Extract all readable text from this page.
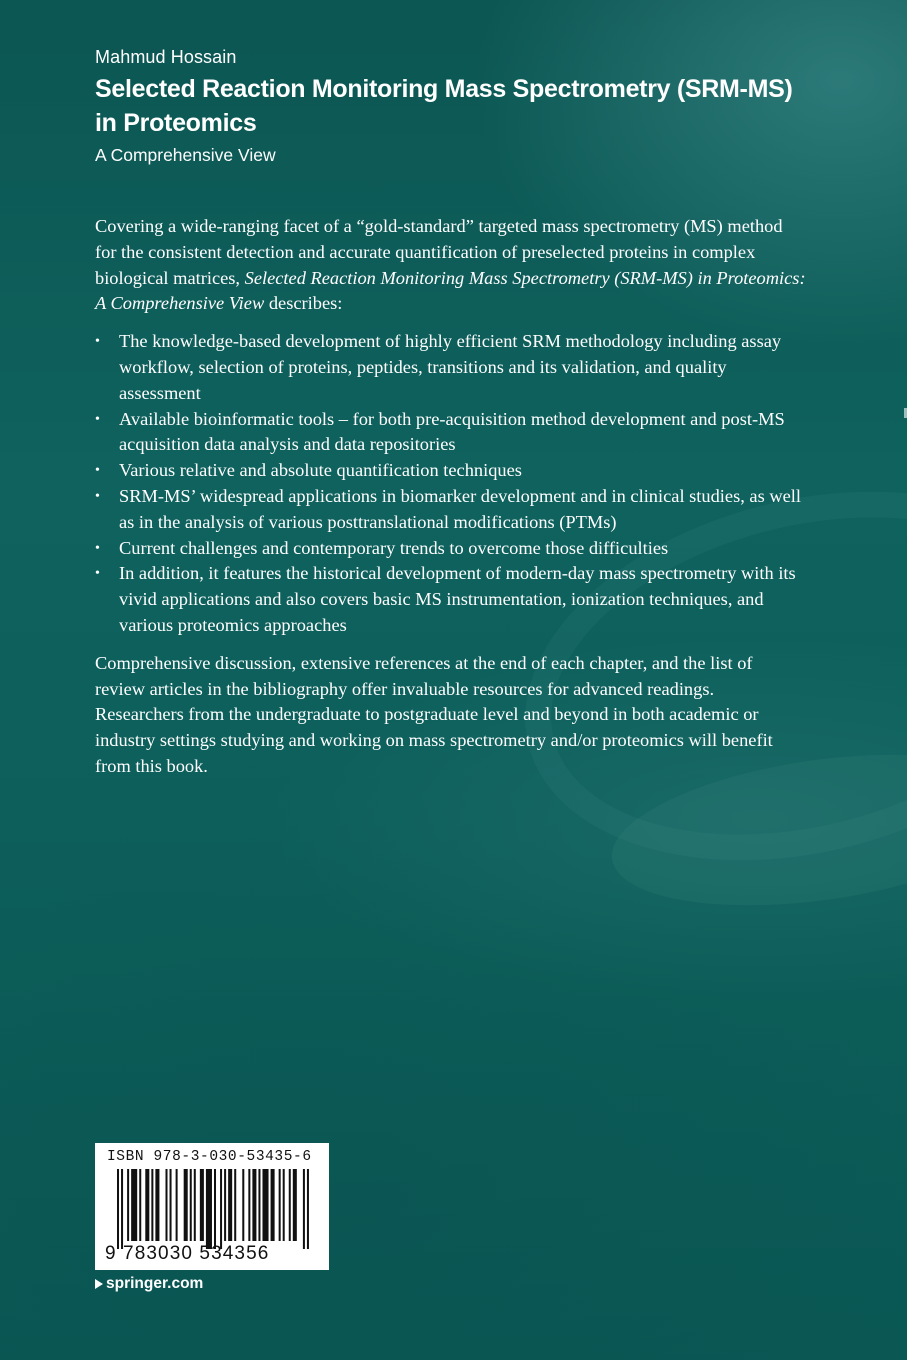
Mahmud Hossain
Selected Reaction Monitoring Mass Spectrometry (SRM-MS) in Proteomics
A Comprehensive View

Covering a wide-ranging facet of a “gold-standard” targeted mass spectrometry (MS) method for the consistent detection and accurate quantification of preselected proteins in complex biological matrices, Selected Reaction Monitoring Mass Spectrometry (SRM-MS) in Proteomics: A Comprehensive View describes:

• The knowledge-based development of highly efficient SRM methodology including assay workflow, selection of proteins, peptides, transitions and its validation, and quality assessment
• Available bioinformatic tools – for both pre-acquisition method development and post-MS acquisition data analysis and data repositories
• Various relative and absolute quantification techniques
• SRM-MS’ widespread applications in biomarker development and in clinical studies, as well as in the analysis of various posttranslational modifications (PTMs)
• Current challenges and contemporary trends to overcome those difficulties
• In addition, it features the historical development of modern-day mass spectrometry with its vivid applications and also covers basic MS instrumentation, ionization techniques, and various proteomics approaches

Comprehensive discussion, extensive references at the end of each chapter, and the list of review articles in the bibliography offer invaluable resources for advanced readings. Researchers from the undergraduate to postgraduate level and beyond in both academic or industry settings studying and working on mass spectrometry and/or proteomics will benefit from this book.

ISBN 978-3-030-53435-6
9 783030 534356
springer.com
